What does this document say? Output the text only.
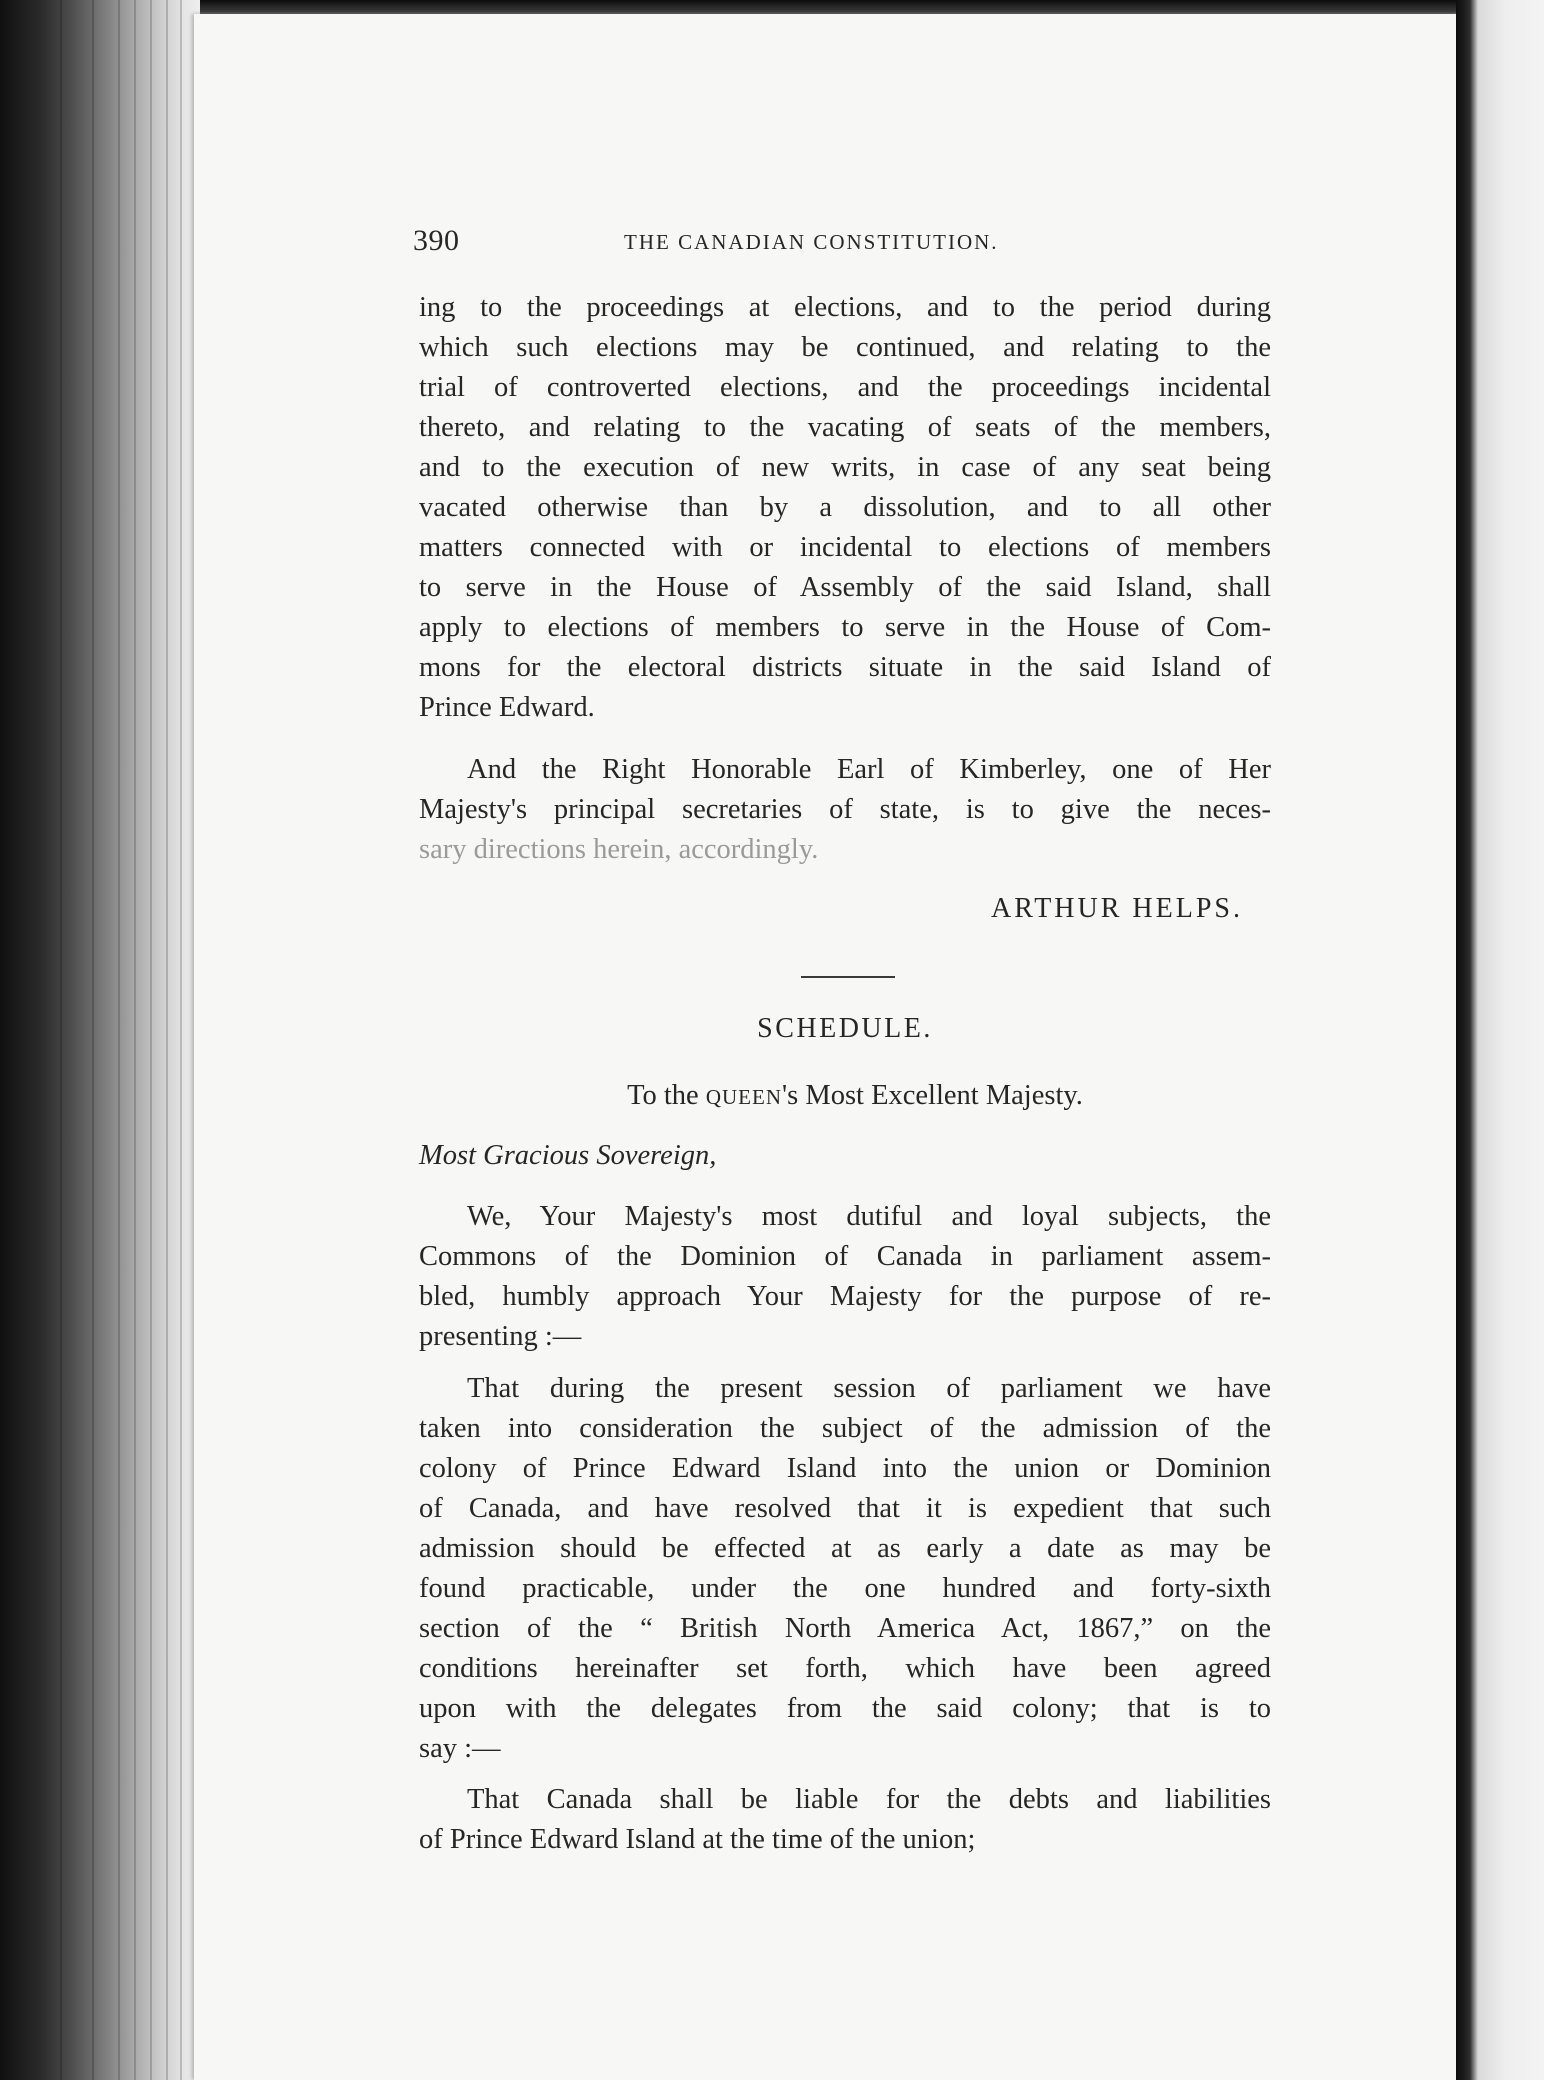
390	THE CANADIAN CONSTITUTION.
ing to the proceedings at elections, and to the period during
which such elections may be continued, and relating to the
trial of controverted elections, and the proceedings incidental
thereto, and relating to the vacating of seats of the members,
and to the execution of new writs, in case of any seat being
vacated otherwise than by a dissolution, and to all other
matters connected with or incidental to elections of members
to serve in the House of Assembly of the said Island, shall
apply to elections of members to serve in the House of Com-
mons for the electoral districts situate in the said Island of
Prince Edward.
And the Right Honorable Earl of Kimberley, one of Her
Majesty's principal secretaries of state, is to give the neces-
sary directions herein, accordingly.
ARTHUR HELPS.
SCHEDULE.
To the QUEEN's Most Excellent Majesty.
Most Gracious Sovereign,
We, Your Majesty's most dutiful and loyal subjects, the
Commons of the Dominion of Canada in parliament assem-
bled, humbly approach Your Majesty for the purpose of re-
presenting :—
That during the present session of parliament we have
taken into consideration the subject of the admission of the
colony of Prince Edward Island into the union or Dominion
of Canada, and have resolved that it is expedient that such
admission should be effected at as early a date as may be
found practicable, under the one hundred and forty-sixth
section of the “ British North America Act, 1867,” on the
conditions hereinafter set forth, which have been agreed
upon with the delegates from the said colony; that is to
say :—
That Canada shall be liable for the debts and liabilities
of Prince Edward Island at the time of the union;
